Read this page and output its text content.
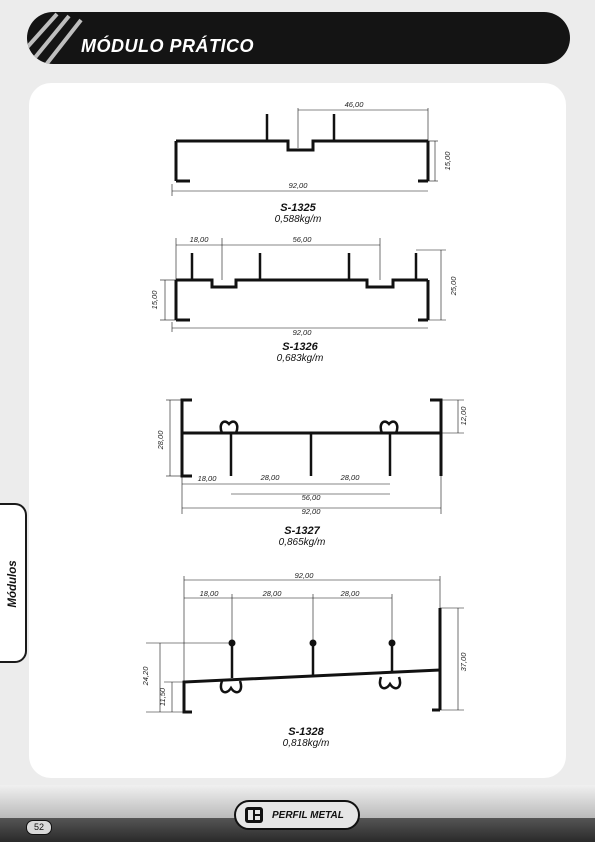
MÓDULO PRÁTICO
Módulos
46,00
15,00
92,00
18,00	56,00
25,00
15,00
92,00
28,00
12,00
18,00	28,00	28,00
56,00
92,00
92,00
18,00	28,00	28,00
37,00
24,20
11,50
S-1325
0,588kg/m
S-1326
0,683kg/m
S-1327
0,865kg/m
S-1328
0,818kg/m
52
PERFIL METAL
